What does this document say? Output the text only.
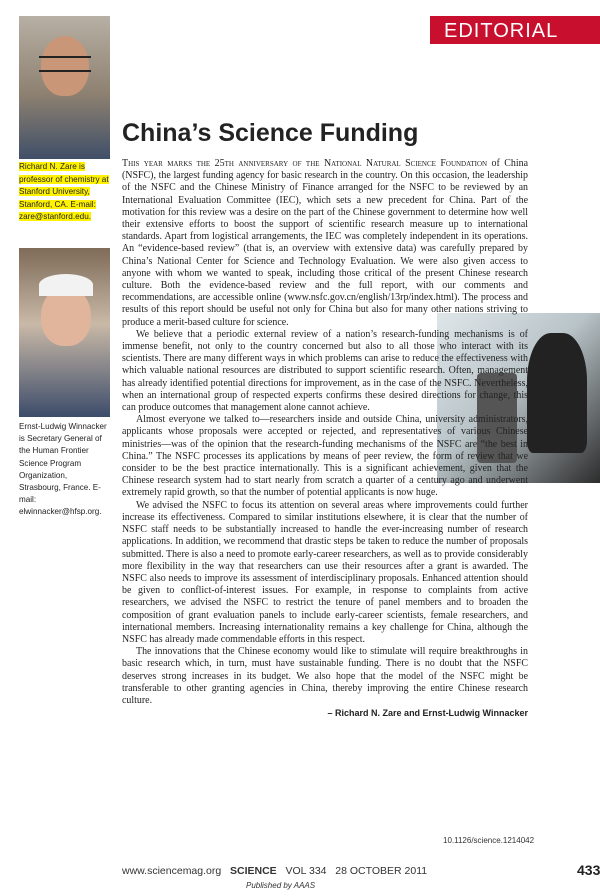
EDITORIAL
Richard N. Zare is professor of chemistry at Stanford University, Stanford, CA. E-mail: zare@stanford.edu.
Ernst-Ludwig Winnacker is Secretary General of the Human Frontier Science Program Organization, Strasbourg, France. E-mail: elwinnacker@hfsp.org.
China’s Science Funding

This year marks the 25th anniversary of the National Natural Science Foundation of China (NSFC), the largest funding agency for basic research in the country. On this occasion, the leadership of the NSFC and the Chinese Ministry of Finance arranged for the NSFC to be reviewed by an International Evaluation Committee (IEC), which sets a new precedent for China. Part of the motivation for this review was a desire on the part of the Chinese government to determine how well their extensive efforts to boost the support of scientific research measure up to international standards. Apart from logistical arrangements, the IEC was completely independent in its operations. An “evidence-based review” (that is, an overview with extensive data) was carefully prepared by China’s National Center for Science and Technology Evaluation. We were also given access to anyone with whom we wanted to speak, including those critical of the present Chinese research culture. Both the evidence-based review and the full report, with our comments and recommendations, are accessible online (www.nsfc.gov.cn/english/13rp/index.html). The process and results of this report should be useful not only for China but also for many other nations striving to produce a merit-based culture for science.

We believe that a periodic external review of a nation’s research-funding mechanisms is of immense benefit, not only to the country concerned but also to all those who interact with its scientists. There are many different ways in which problems can arise to reduce the effectiveness with which valuable national resources are distributed to support scientific research. Often, management has already identified potential directions for improvement, as in the case of the NSFC. Nevertheless, when an international group of respected experts confirms these desired directions for change, this can produce outcomes that management alone cannot achieve.

Almost everyone we talked to—researchers inside and outside China, university administrators, applicants whose proposals were accepted or rejected, and representatives of various Chinese ministries—was of the opinion that the research-funding mechanisms of the NSFC are “the best in China.” The NSFC processes its applications by means of peer review, the form of review that we consider to be the best practice internationally. This is a significant achievement, given that the Chinese research system had to start nearly from scratch a quarter of a century ago and underwent extremely rapid growth, so that the number of potential applicants is now huge.

We advised the NSFC to focus its attention on several areas where improvements could further increase its effectiveness. Compared to similar institutions elsewhere, it is clear that the number of NSFC staff needs to be substantially increased to handle the ever-increasing number of research applications. In addition, we recommend that drastic steps be taken to reduce the number of proposals submitted. There is also a need to promote early-career researchers, as well as to provide considerably more flexibility in the way that researchers can use their resources after a grant is awarded. The NSFC also needs to improve its assessment of interdisciplinary proposals. Enhanced attention should be given to conflict-of-interest issues. For example, in response to complaints from active researchers, we advised the NSFC to restrict the tenure of panel members and to broaden the composition of grant evaluation panels to include early-career scientists, female researchers, and international members. Increasing internationality remains a key challenge for China, although the NSFC has already made commendable efforts in this respect.

The innovations that the Chinese economy would like to stimulate will require breakthroughs in basic research which, in turn, must have sustainable funding. There is no doubt that the NSFC deserves strong increases in its budget. We also hope that the model of the NSFC might be transferable to other granting agencies in China, thereby improving the entire Chinese research culture.

– Richard N. Zare and Ernst-Ludwig Winnacker
10.1126/science.1214042
www.sciencemag.org SCIENCE VOL 334 28 OCTOBER 2011
Published by AAAS
433
